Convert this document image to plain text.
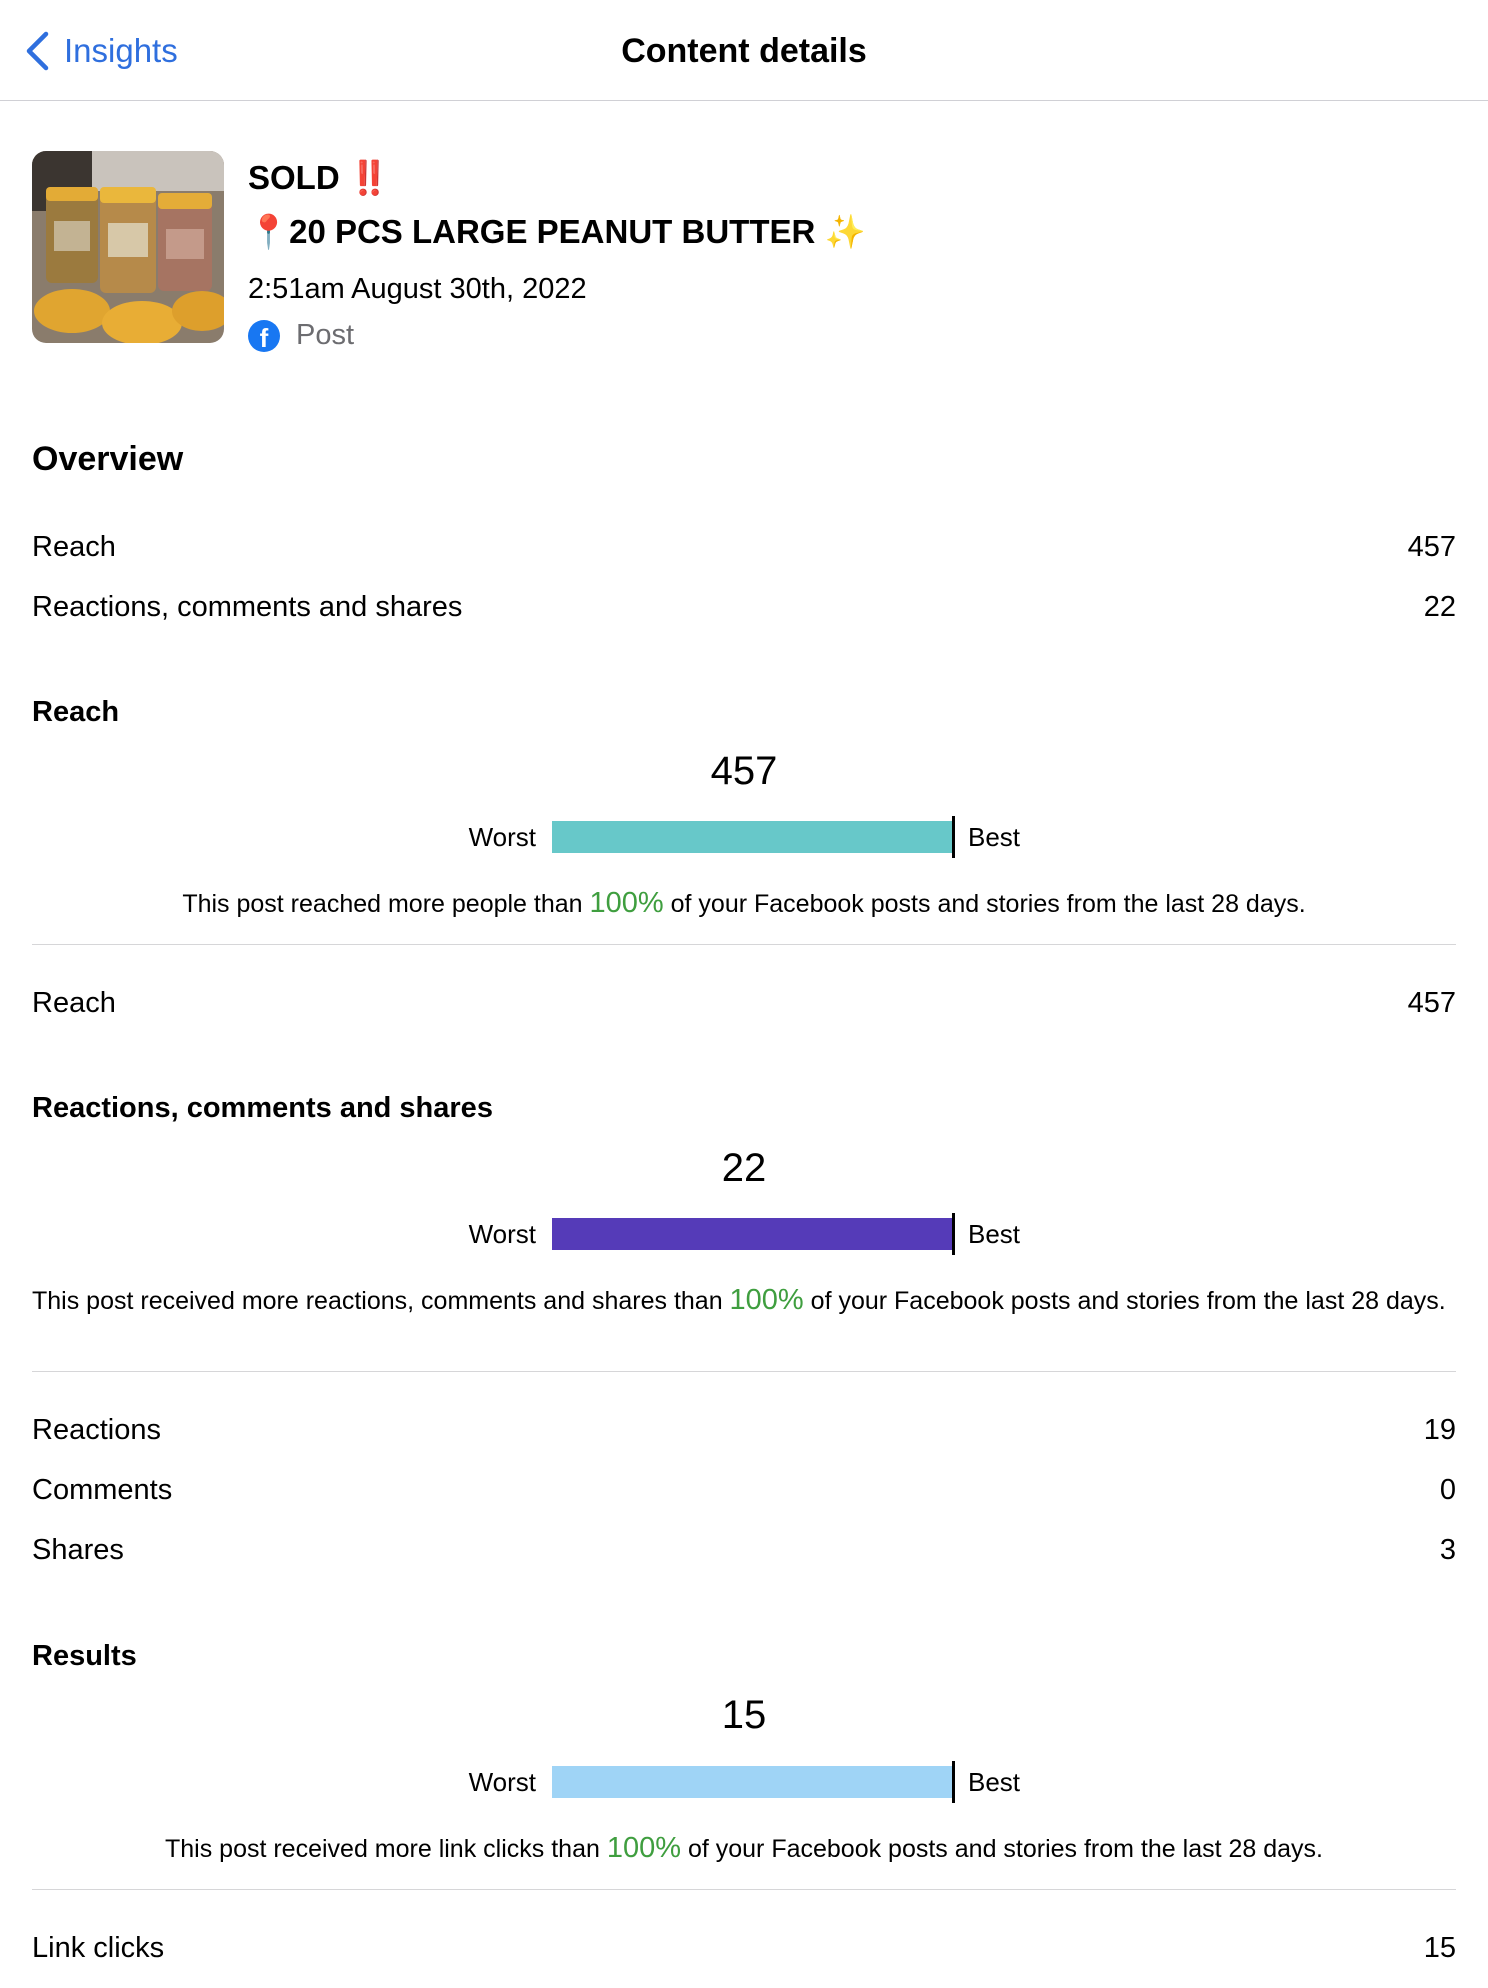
Insights	Content details
SOLD ‼️
📍20 PCS LARGE PEANUT BUTTER ✨
2:51am August 30th, 2022
f Post
Overview
Reach	457
Reactions, comments and shares	22
Reach
457
Worst	Best
This post reached more people than 100% of your Facebook posts and stories from the last 28 days.
Reach	457
Reactions, comments and shares
22
Worst	Best
This post received more reactions, comments and shares than 100% of your Facebook posts and stories from the last 28 days.
Reactions	19
Comments	0
Shares	3
Results
15
Worst	Best
This post received more link clicks than 100% of your Facebook posts and stories from the last 28 days.
Link clicks	15
